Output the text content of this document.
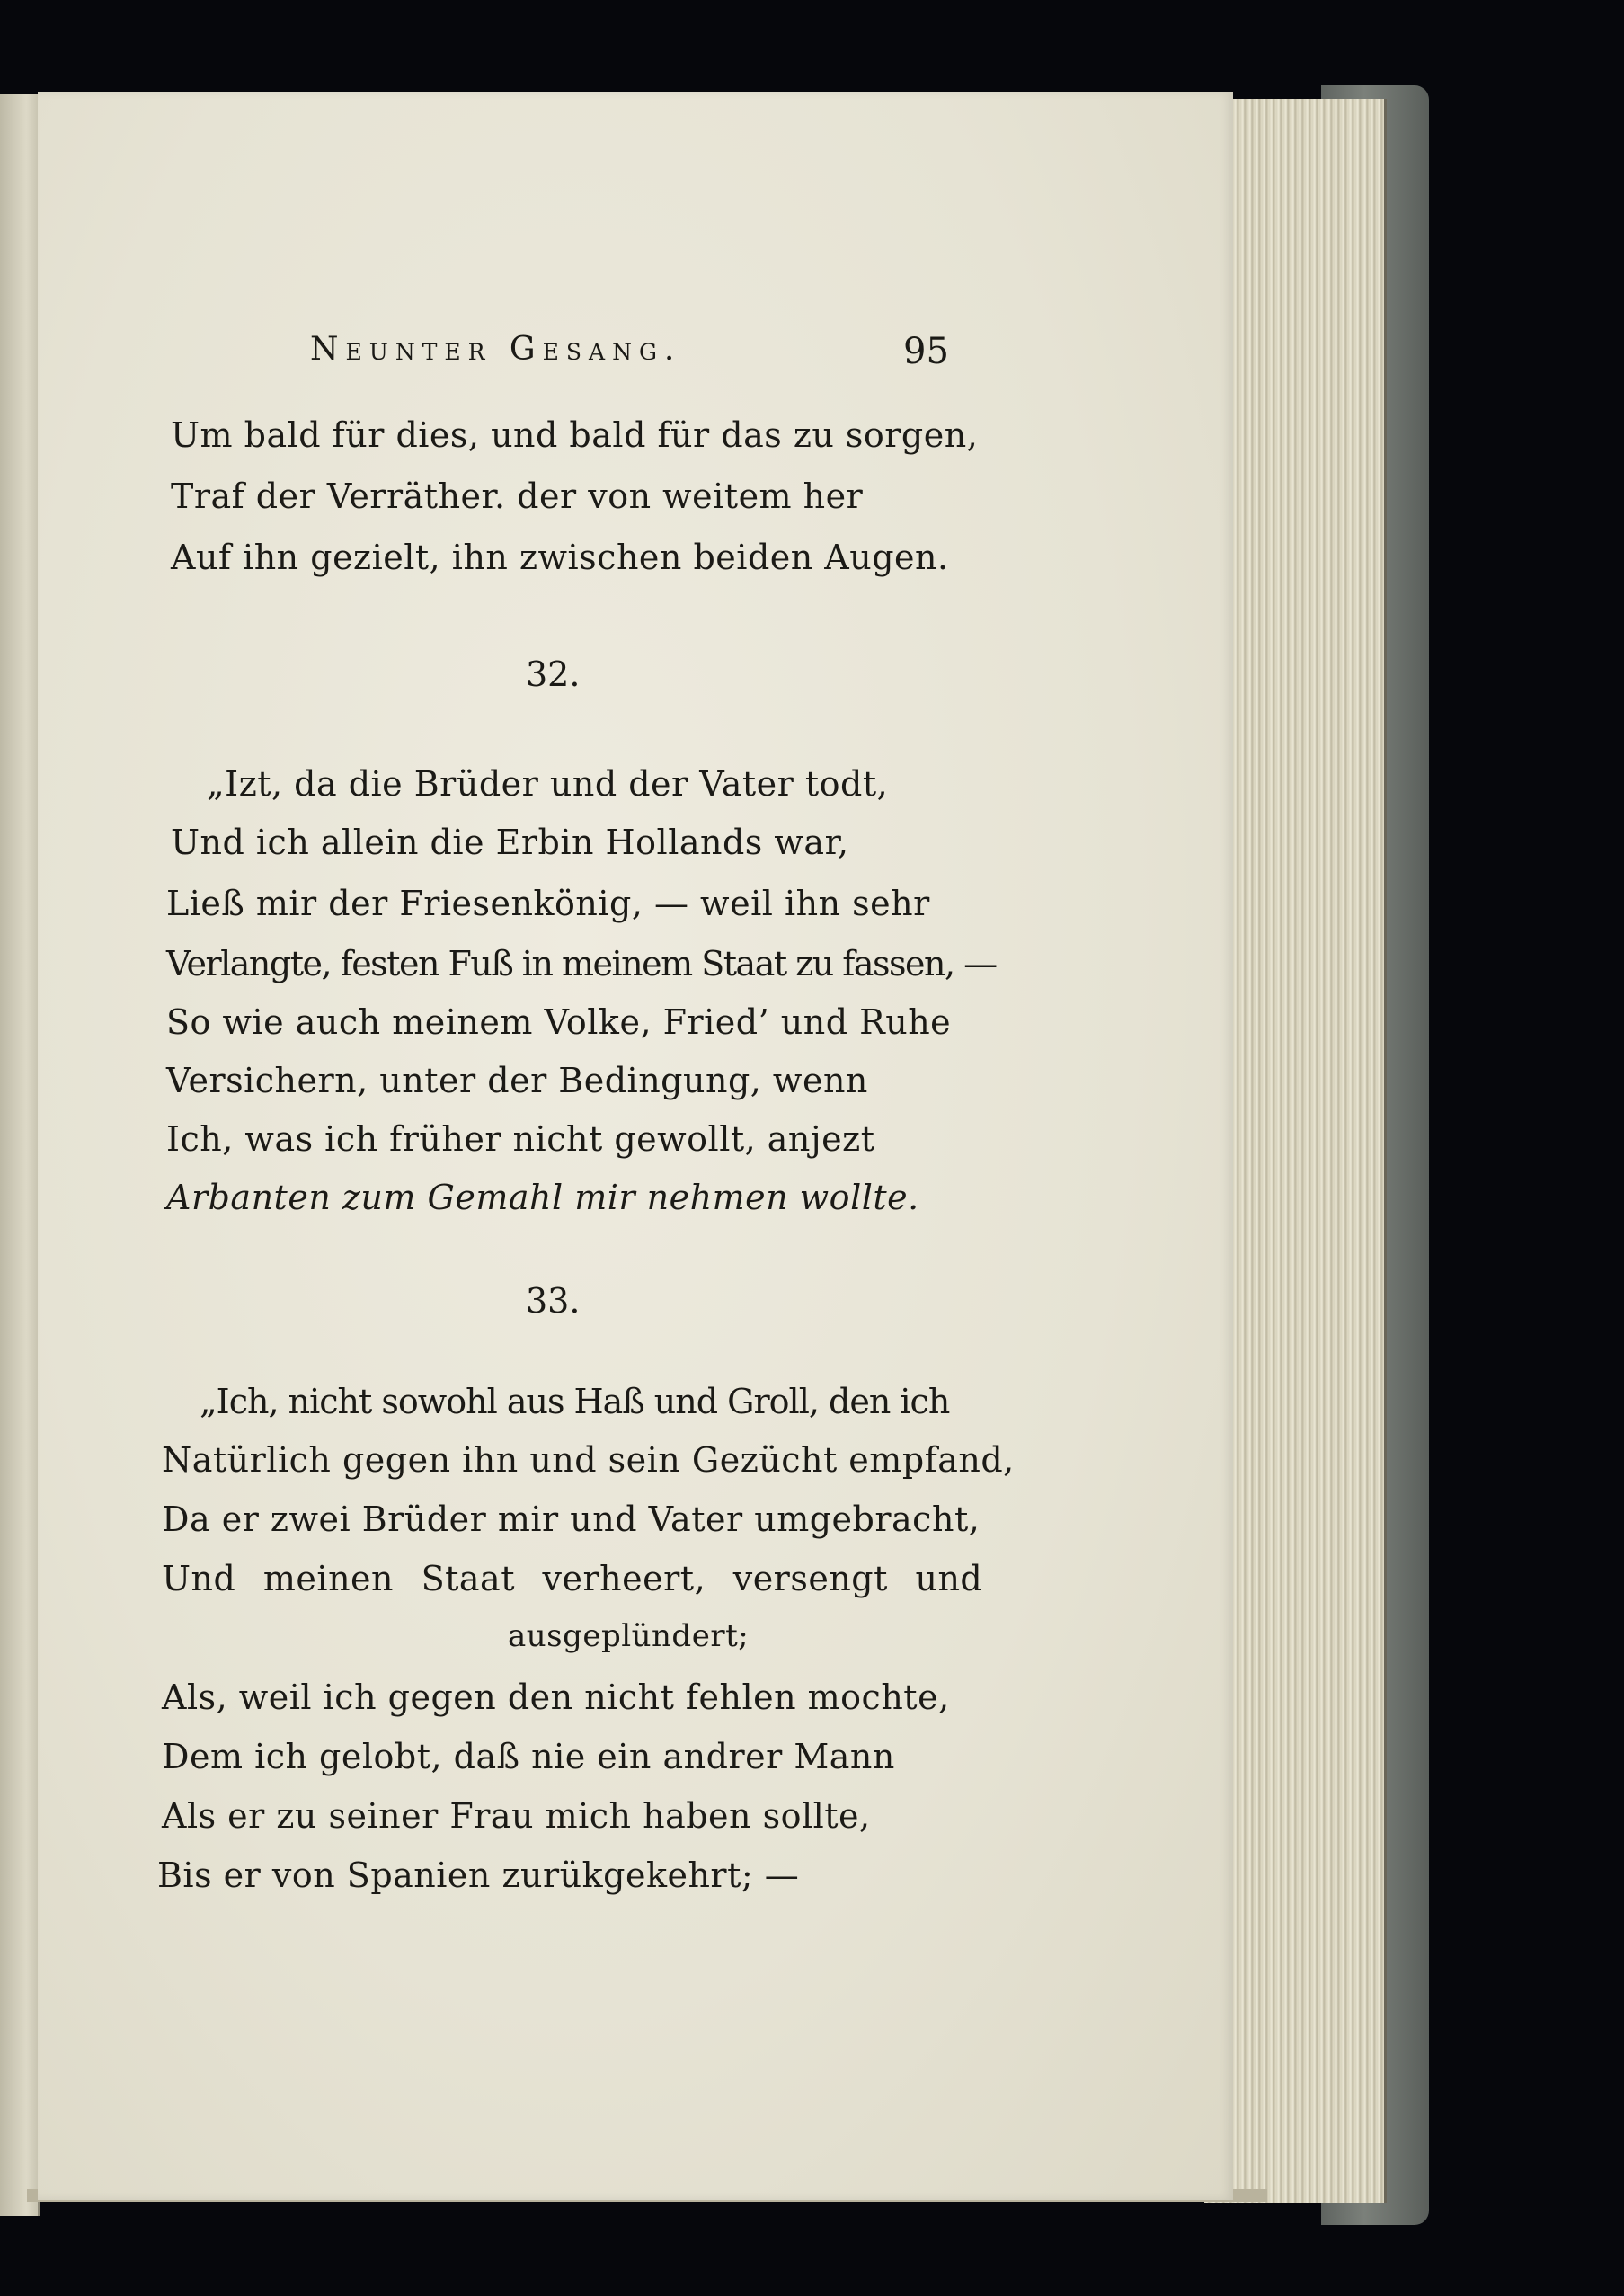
Neunter Gesang.	95
Um bald für dies, und bald für das zu sorgen,
Traf der Verräther. der von weitem her
Auf ihn gezielt, ihn zwischen beiden Augen.
32.
„Izt, da die Brüder und der Vater todt,
Und ich allein die Erbin Hollands war,
Ließ mir der Friesenkönig, — weil ihn sehr
Verlangte, festen Fuß in meinem Staat zu fassen, —
So wie auch meinem Volke, Fried’ und Ruhe
Versichern, unter der Bedingung, wenn
Ich, was ich früher nicht gewollt, anjezt
Arbanten zum Gemahl mir nehmen wollte.
33.
„Ich, nicht sowohl aus Haß und Groll, den ich
Natürlich gegen ihn und sein Gezücht empfand,
Da er zwei Brüder mir und Vater umgebracht,
Und meinen Staat verheert, versengt und
ausgeplündert;
Als, weil ich gegen den nicht fehlen mochte,
Dem ich gelobt, daß nie ein andrer Mann
Als er zu seiner Frau mich haben sollte,
Bis er von Spanien zurükgekehrt; —
